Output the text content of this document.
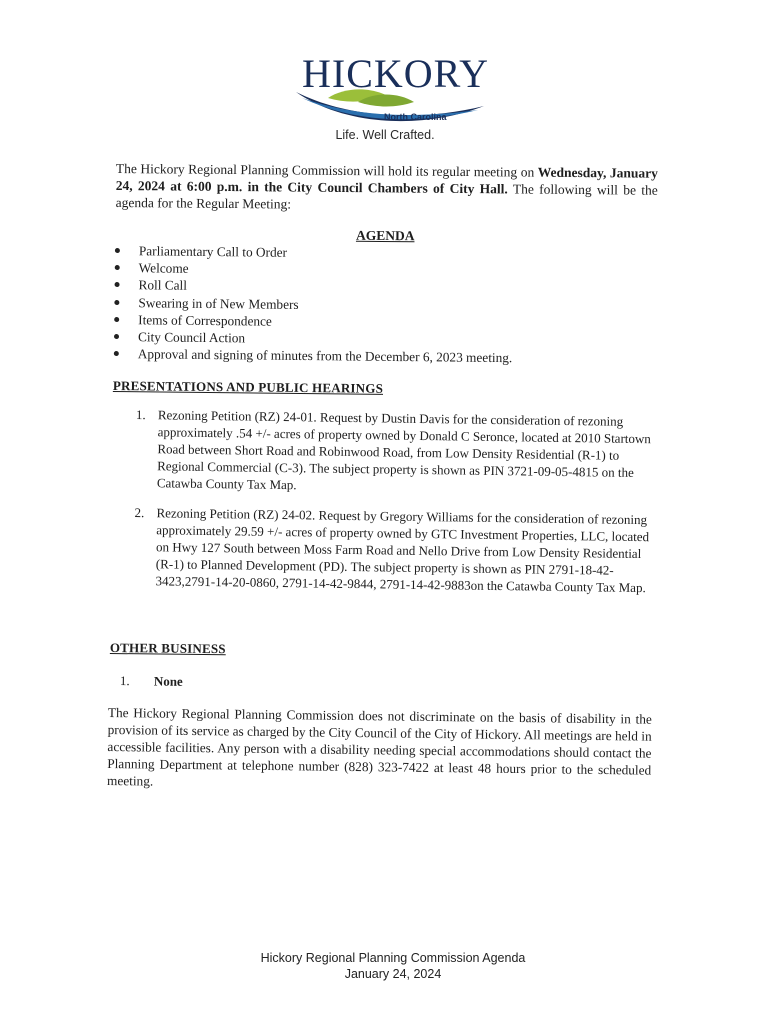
HICKORY
North Carolina
Life. Well Crafted.
The Hickory Regional Planning Commission will hold its regular meeting on Wednesday, January 24, 2024 at 6:00 p.m. in the City Council Chambers of City Hall. The following will be the agenda for the Regular Meeting:
AGENDA
Parliamentary Call to Order
Welcome
Roll Call
Swearing in of New Members
Items of Correspondence
City Council Action
Approval and signing of minutes from the December 6, 2023 meeting.
PRESENTATIONS AND PUBLIC HEARINGS
1. Rezoning Petition (RZ) 24-01. Request by Dustin Davis for the consideration of rezoning approximately .54 +/- acres of property owned by Donald C Seronce, located at 2010 Startown Road between Short Road and Robinwood Road, from Low Density Residential (R-1) to Regional Commercial (C-3). The subject property is shown as PIN 3721-09-05-4815 on the Catawba County Tax Map.
2. Rezoning Petition (RZ) 24-02. Request by Gregory Williams for the consideration of rezoning approximately 29.59 +/- acres of property owned by GTC Investment Properties, LLC, located on Hwy 127 South between Moss Farm Road and Nello Drive from Low Density Residential (R-1) to Planned Development (PD). The subject property is shown as PIN 2791-18-42-3423,2791-14-20-0860, 2791-14-42-9844, 2791-14-42-9883on the Catawba County Tax Map.
OTHER BUSINESS
1. None
The Hickory Regional Planning Commission does not discriminate on the basis of disability in the provision of its service as charged by the City Council of the City of Hickory. All meetings are held in accessible facilities. Any person with a disability needing special accommodations should contact the Planning Department at telephone number (828) 323-7422 at least 48 hours prior to the scheduled meeting.
Hickory Regional Planning Commission Agenda
January 24, 2024
